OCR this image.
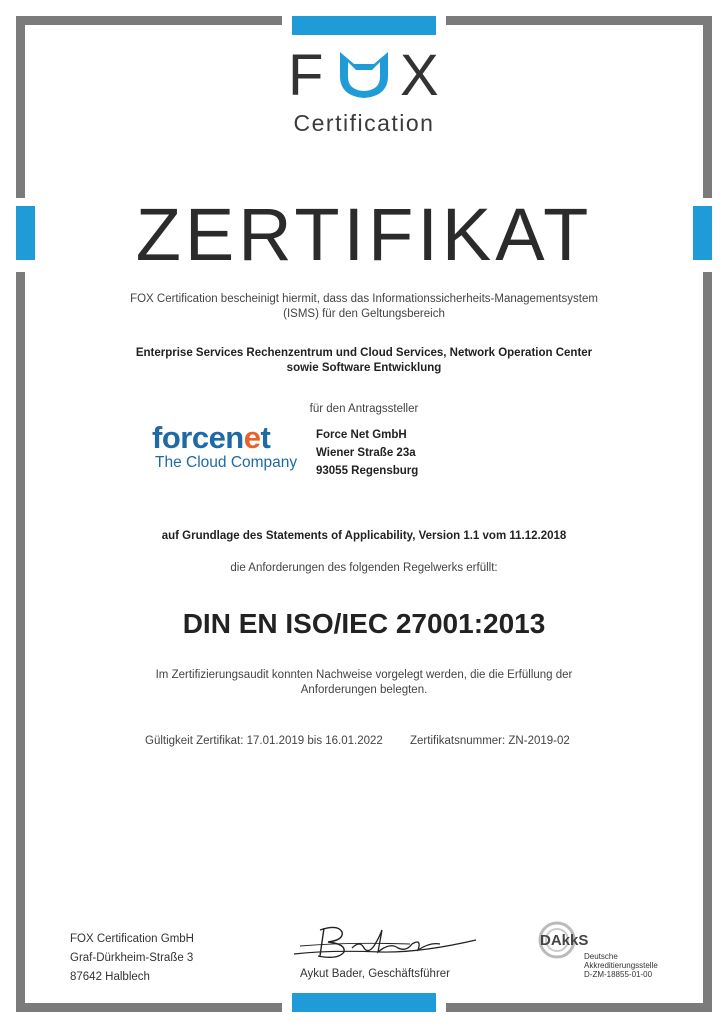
F X
Certification
ZERTIFIKAT
FOX Certification bescheinigt hiermit, dass das Informationssicherheits-Managementsystem
(ISMS) für den Geltungsbereich
Enterprise Services Rechenzentrum und Cloud Services, Network Operation Center
sowie Software Entwicklung
für den Antragssteller
forcenet
The Cloud Company
Force Net GmbH
Wiener Straße 23a
93055 Regensburg
auf Grundlage des Statements of Applicability, Version 1.1 vom 11.12.2018
die Anforderungen des folgenden Regelwerks erfüllt:
DIN EN ISO/IEC 27001:2013
Im Zertifizierungsaudit konnten Nachweise vorgelegt werden, die die Erfüllung der
Anforderungen belegten.
Gültigkeit Zertifikat: 17.01.2019 bis 16.01.2022 Zertifikatsnummer: ZN-2019-02
FOX Certification GmbH
Graf-Dürkheim-Straße 3
87642 Halblech	Aykut Bader, Geschäftsführer
DAkkS
Deutsche
Akkreditierungsstelle
D-ZM-18855-01-00
